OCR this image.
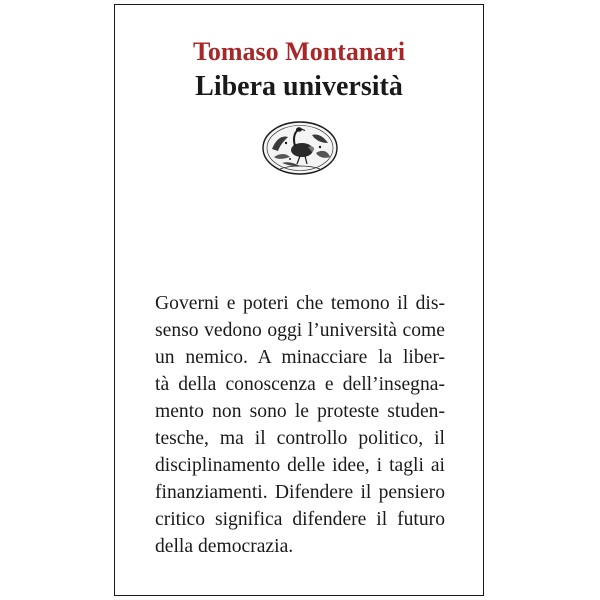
Tomaso Montanari
Libera università
Governi e poteri che temono il dis-
senso vedono oggi l’università come
un nemico. A minacciare la liber-
tà della conoscenza e dell’insegna-
mento non sono le proteste studen-
tesche, ma il controllo politico, il
disciplinamento delle idee, i tagli ai
finanziamenti. Difendere il pensiero
critico significa difendere il futuro
della democrazia.
